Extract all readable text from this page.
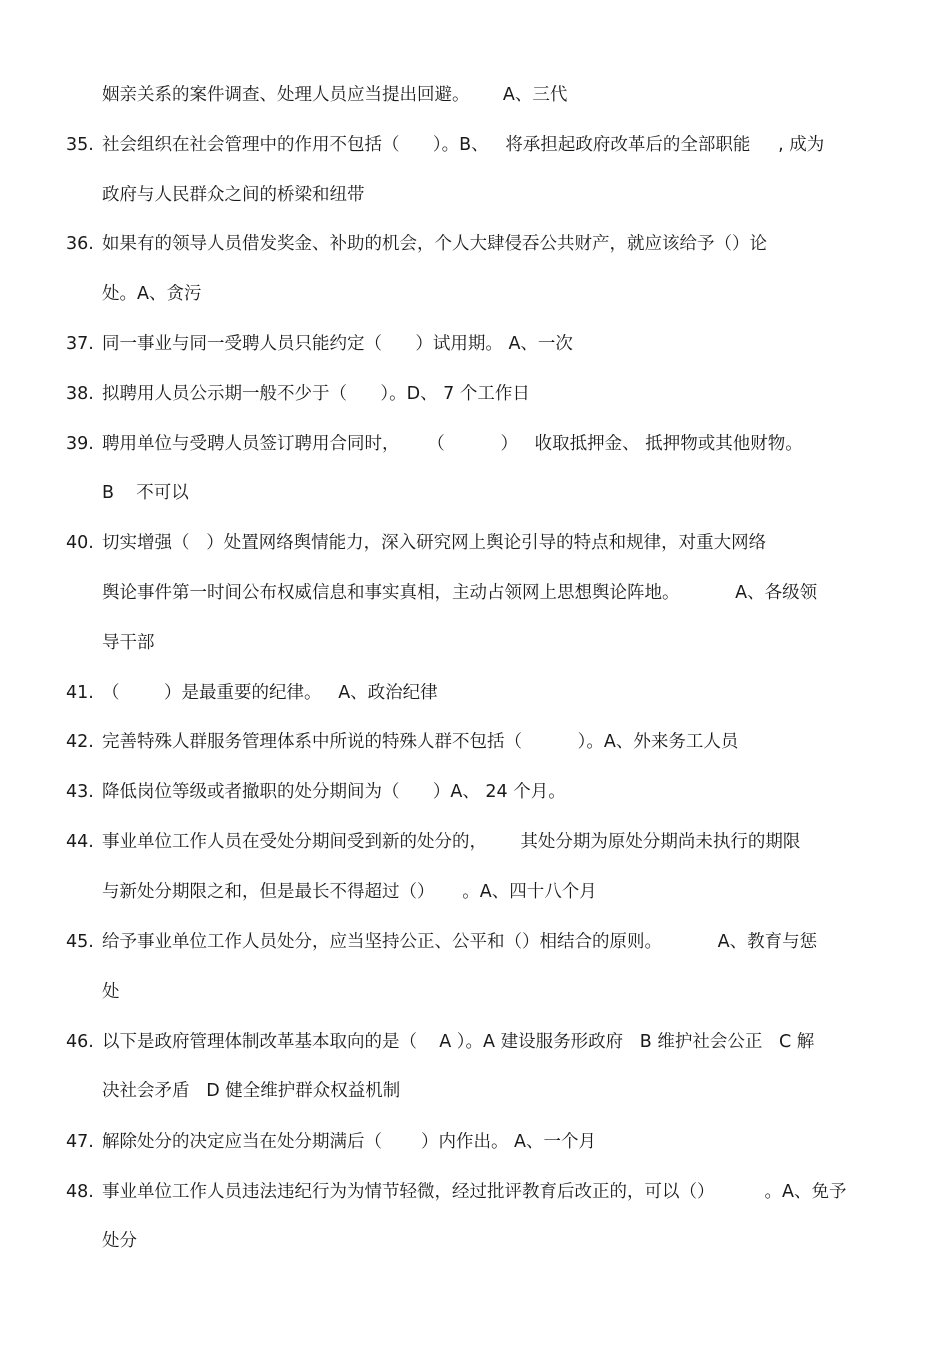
姻亲关系的案件调查、处理人员应当提出回避。      A、三代
35. 社会组织在社会管理中的作用不包括（      ）。B、   将承担起政府改革后的全部职能     , 成为
政府与人民群众之间的桥梁和纽带
36. 如果有的领导人员借发奖金、补助的机会，个人大肆侵吞公共财产，就应该给予（）论
处。A、贪污
37. 同一事业与同一受聘人员只能约定（      ）试用期。 A、一次
38. 拟聘用人员公示期一般不少于（      ）。D、 7 个工作日
39. 聘用单位与受聘人员签订聘用合同时，     （          ）   收取抵押金、 抵押物或其他财物。
B    不可以
40. 切实增强（   ）处置网络舆情能力，深入研究网上舆论引导的特点和规律，对重大网络
舆论事件第一时间公布权威信息和事实真相，主动占领网上思想舆论阵地。          A、各级领
导干部
41. （        ）是最重要的纪律。   A、政治纪律
42. 完善特殊人群服务管理体系中所说的特殊人群不包括（          ）。A、外来务工人员
43. 降低岗位等级或者撤职的处分期间为（      ）A、 24 个月。
44. 事业单位工作人员在受处分期间受到新的处分的，      其处分期为原处分期尚未执行的期限
与新处分期限之和，但是最长不得超过（）     。A、四十八个月
45. 给予事业单位工作人员处分，应当坚持公正、公平和（）相结合的原则。          A、教育与惩
处
46. 以下是政府管理体制改革基本取向的是（    A ）。A 建设服务形政府   B 维护社会公正   C 解
决社会矛盾   D 健全维护群众权益机制
47. 解除处分的决定应当在处分期满后（       ）内作出。 A、一个月
48. 事业单位工作人员违法违纪行为为情节轻微，经过批评教育后改正的，可以（）         。A、免予
处分
